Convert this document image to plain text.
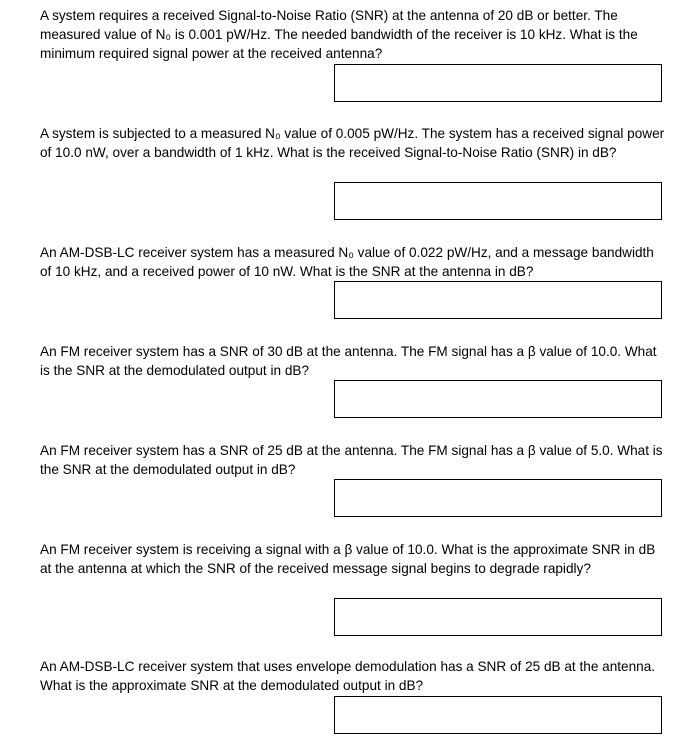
A system requires a received Signal-to-Noise Ratio (SNR) at the antenna of 20 dB or better. The measured value of N₀ is 0.001 pW/Hz. The needed bandwidth of the receiver is 10 kHz. What is the minimum required signal power at the received antenna?

A system is subjected to a measured N₀ value of 0.005 pW/Hz. The system has a received signal power of 10.0 nW, over a bandwidth of 1 kHz. What is the received Signal-to-Noise Ratio (SNR) in dB?

An AM-DSB-LC receiver system has a measured N₀ value of 0.022 pW/Hz, and a message bandwidth of 10 kHz, and a received power of 10 nW. What is the SNR at the antenna in dB?

An FM receiver system has a SNR of 30 dB at the antenna. The FM signal has a β value of 10.0. What is the SNR at the demodulated output in dB?

An FM receiver system has a SNR of 25 dB at the antenna. The FM signal has a β value of 5.0. What is the SNR at the demodulated output in dB?

An FM receiver system is receiving a signal with a β value of 10.0. What is the approximate SNR in dB at the antenna at which the SNR of the received message signal begins to degrade rapidly?

An AM-DSB-LC receiver system that uses envelope demodulation has a SNR of 25 dB at the antenna. What is the approximate SNR at the demodulated output in dB?
